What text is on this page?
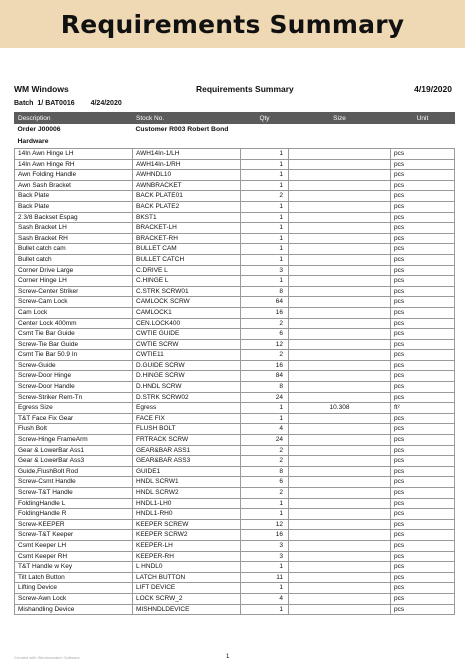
Requirements Summary
WM Windows	Requirements Summary	4/19/2020
Batch 1/ BAT0016 4/24/2020
Description	Stock No.	Qty	Size	Unit
Order J00006	Customer R003 Robert Bond			
Hardware				
14In Awn Hinge LH	AWH14In-1/LH	1		pcs
14In Awn Hinge RH	AWH14In-1/RH	1		pcs
Awn Folding Handle	AWHNDL10	1		pcs
Awn Sash Bracket	AWNBRACKET	1		pcs
Back Plate	BACK PLATE01	2		pcs
Back Plate	BACK PLATE2	1		pcs
2 3/8 Backset Espag	BKST1	1		pcs
Sash Bracket LH	BRACKET-LH	1		pcs
Sash Bracket RH	BRACKET-RH	1		pcs
Bullet catch cam	BULLET CAM	1		pcs
Bullet catch	BULLET CATCH	1		pcs
Corner Drive Large	C.DRIVE L	3		pcs
Corner Hinge LH	C.HINGE L	1		pcs
Screw-Center Striker	C.STRK SCRW01	8		pcs
Screw-Cam Lock	CAMLOCK SCRW	64		pcs
Cam Lock	CAMLOCK1	16		pcs
Center Lock 400mm	CEN.LOCK400	2		pcs
Csmt Tie Bar Guide	CWTIE GUIDE	6		pcs
Screw-Tie Bar Guide	CWTIE SCRW	12		pcs
Csmt Tie Bar 50.9 In	CWTIE11	2		pcs
Screw-Guide	D.GUIDE SCRW	16		pcs
Screw-Door Hinge	D.HINGE SCRW	84		pcs
Screw-Door Handle	D.HNDL SCRW	8		pcs
Screw-Striker Rem-Tn	D.STRK SCRW02	24		pcs
Egress Size	Egress	1	10.308	ft²
T&T Face Fix Gear	FACE FIX	1		pcs
Flush Bolt	FLUSH BOLT	4		pcs
Screw-Hinge FrameArm	FRTRACK SCRW	24		pcs
Gear & LowerBar Ass1	GEAR&BAR ASS1	2		pcs
Gear & LowerBar Ass3	GEAR&BAR ASS3	2		pcs
Guide,FlushBolt Rod	GUIDE1	8		pcs
Screw-Csmt Handle	HNDL SCRW1	6		pcs
Screw-T&T Handle	HNDL SCRW2	2		pcs
FoldingHandle L	HNDL1-LH0	1		pcs
FoldingHandle R	HNDL1-RH0	1		pcs
Screw-KEEPER	KEEPER SCREW	12		pcs
Screw-T&T Keeper	KEEPER SCRW2	16		pcs
Csmt Keeper LH	KEEPER-LH	3		pcs
Csmt Keeper RH	KEEPER-RH	3		pcs
T&T Handle w Key	L HNDL0	1		pcs
Tilt Latch Button	LATCH BUTTON	11		pcs
Lifting Device	LIFT DEVICE	1		pcs
Screw-Awn Lock	LOCK SCRW_2	4		pcs
Mishandling Device	MISHNDLDEVICE	1		pcs
Created with Windowmaker Software	1
